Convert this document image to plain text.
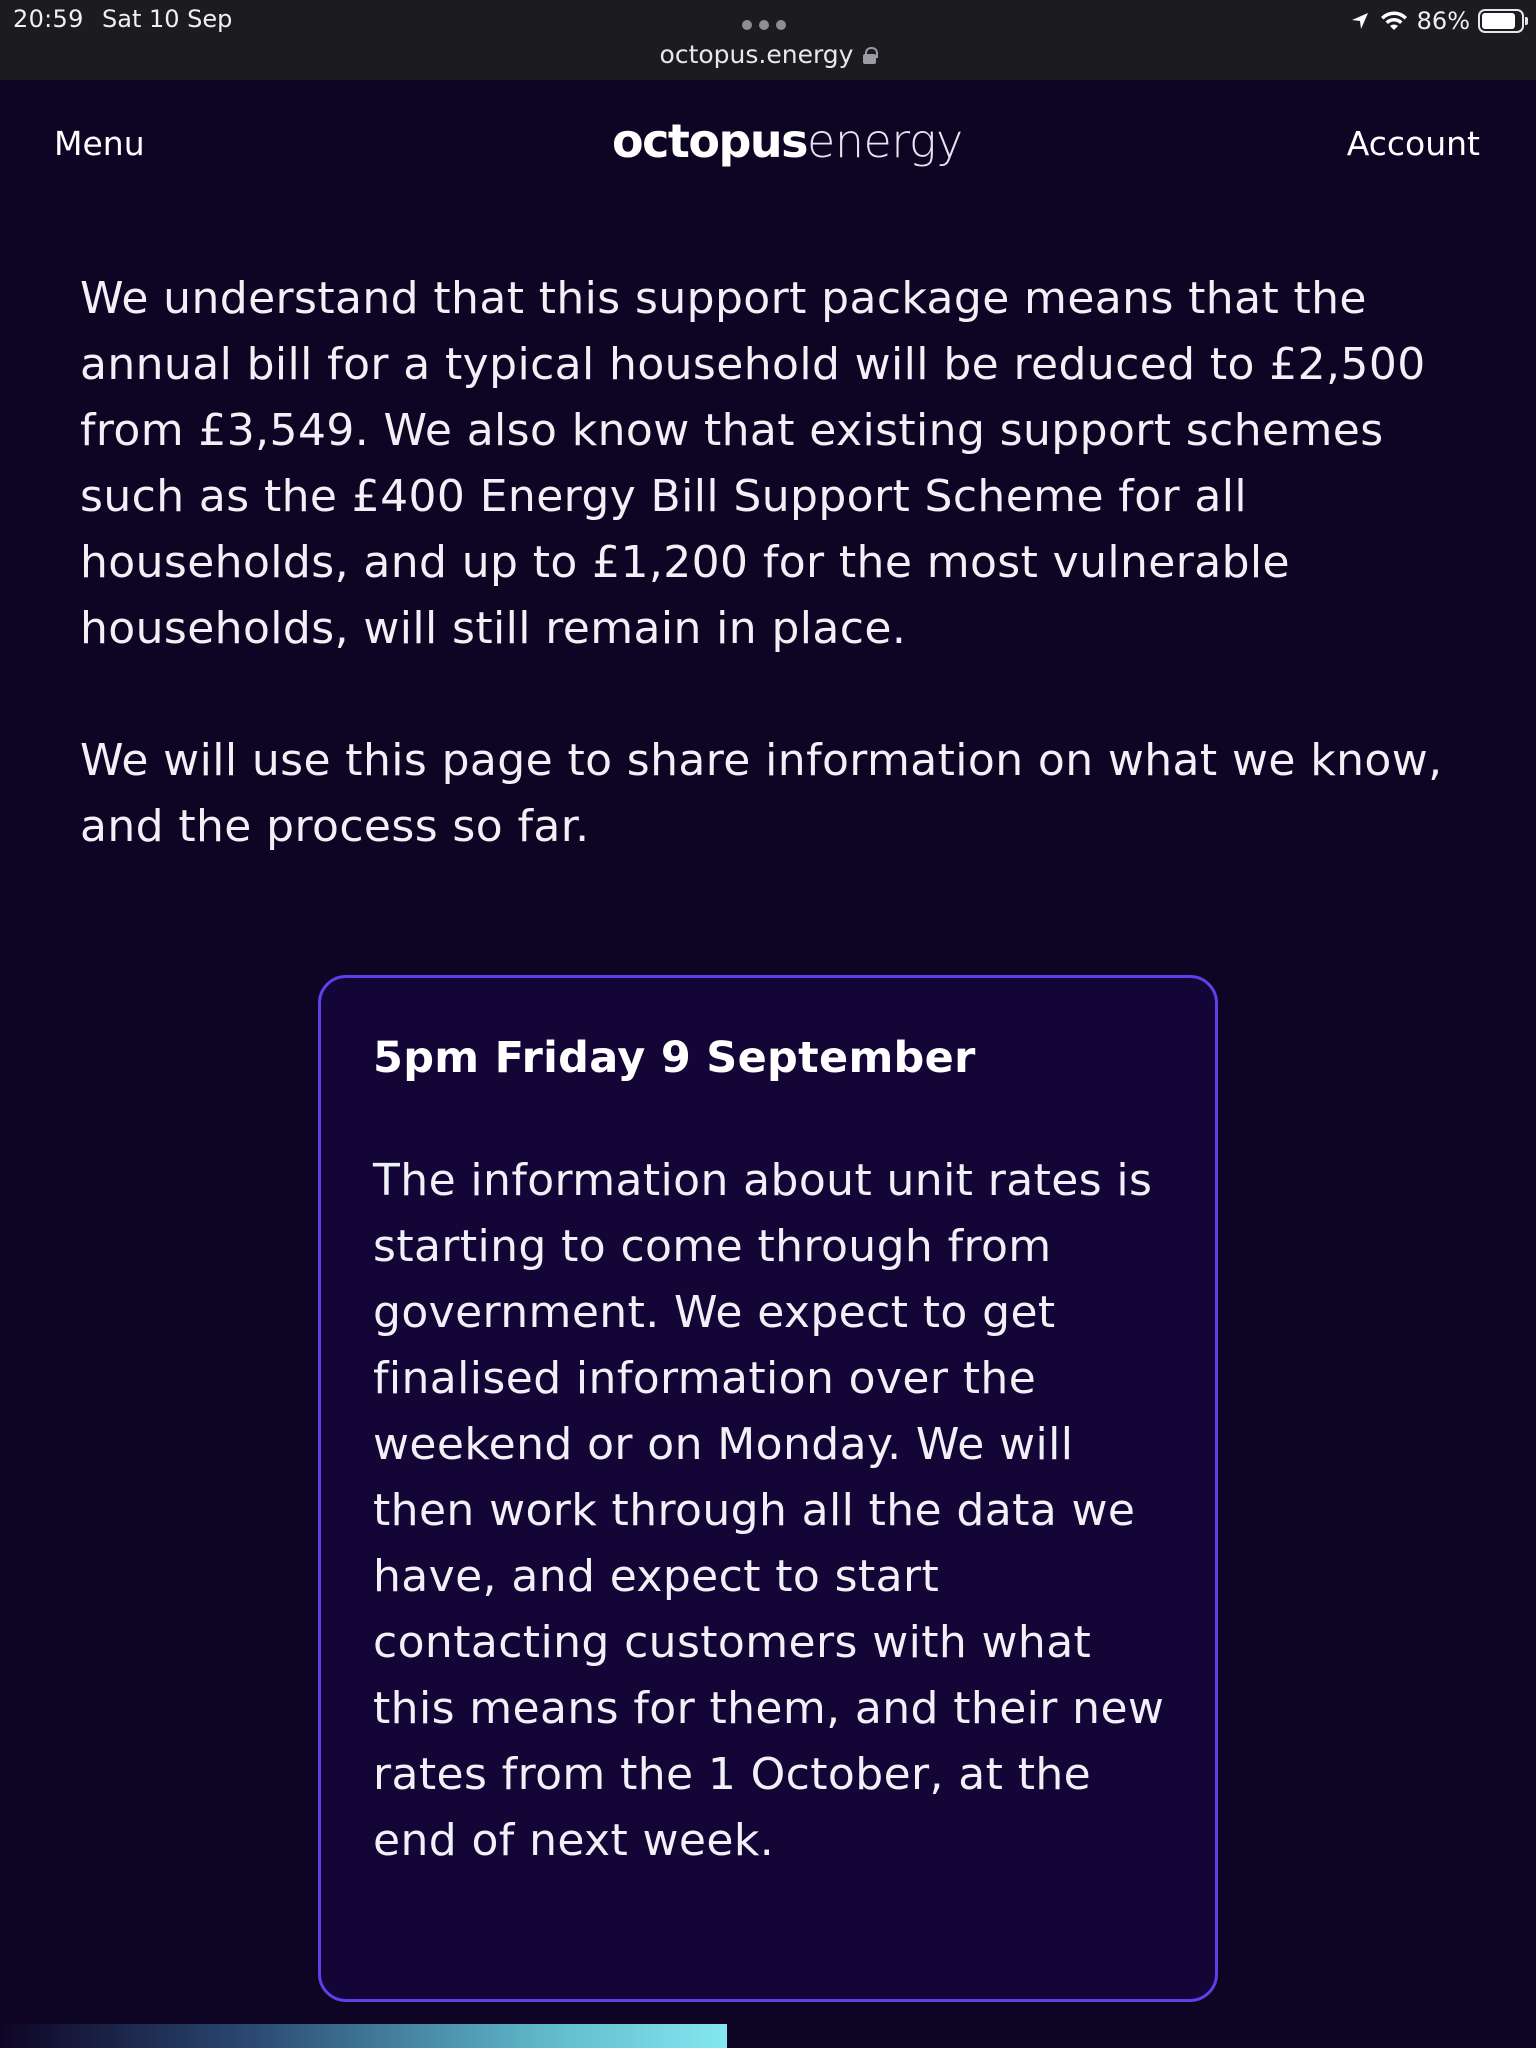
20:59 Sat 10 Sep
octopus.energy
86%
Menu	octopusenergy	Account

We understand that this support package means that the annual bill for a typical household will be reduced to £2,500 from £3,549. We also know that existing support schemes such as the £400 Energy Bill Support Scheme for all households, and up to £1,200 for the most vulnerable households, will still remain in place.

We will use this page to share information on what we know, and the process so far.

5pm Friday 9 September

The information about unit rates is starting to come through from government. We expect to get finalised information over the weekend or on Monday. We will then work through all the data we have, and expect to start contacting customers with what this means for them, and their new rates from the 1 October, at the end of next week.
